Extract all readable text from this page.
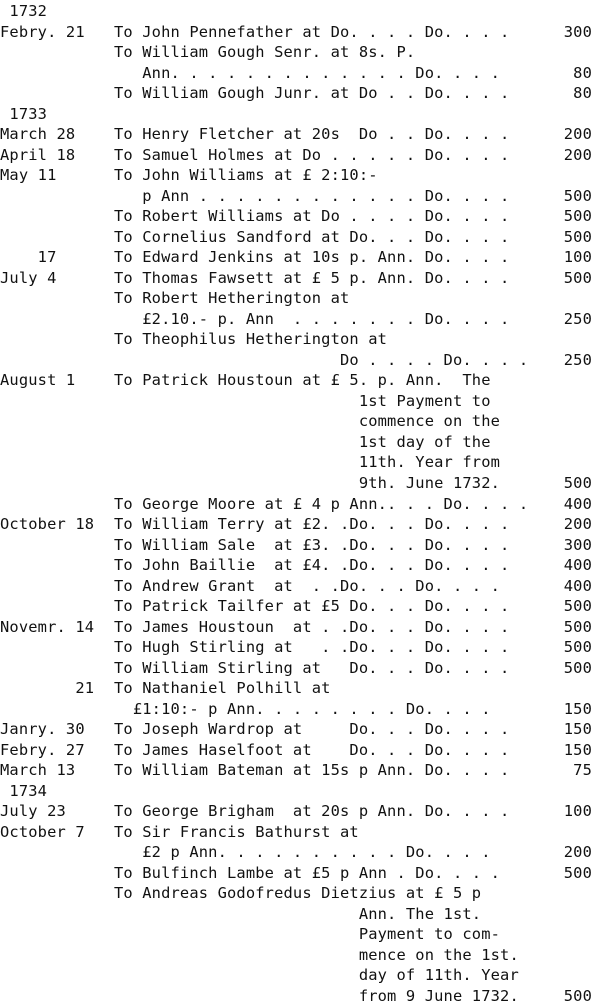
1732
Febry. 21 To John Pennefather at Do. . . . Do. . . .	300
To William Gough Senr. at 8s. P.
Ann. . . . . . . . . . . . . Do. . . .	80
To William Gough Junr. at Do . . Do. . . .	80
1733
March 28	To Henry Fletcher at 20s  Do . . Do. . . .	200
April 18	To Samuel Holmes at Do . . . . . Do. . . .	200
May 11	To John Williams at £ 2:10:-
p Ann . . . . . . . . . . . . Do. . . .	500
To Robert Williams at Do . . . . Do. . . .	500
To Cornelius Sandford at Do. . . Do. . . .	500
17	To Edward Jenkins at 10s p. Ann. Do. . . .	100
July 4	To Thomas Fawsett at £ 5 p. Ann. Do. . . .	500
To Robert Hetherington at
£2.10.- p. Ann  . . . . . . . Do. . . .	250
To Theophilus Hetherington at
Do . . . . Do. . . . 250
August 1	To Patrick Houstoun at £ 5. p. Ann.  The
1st Payment to
commence on the
1st day of the
11th. Year from
9th. June 1732.	500
To George Moore at £ 4 p Ann.. . . Do. . . . 400
October 18 To William Terry at £2. .Do. . . Do. . . .	200
To William Sale  at £3. .Do. . . Do. . . .	300
To John Baillie  at £4. .Do. . . Do. . . .	400
To Andrew Grant  at  . .Do. . . Do. . . .	400
To Patrick Tailfer at £5 Do. . . Do. . . .	500
Novemr. 14 To James Houstoun  at . .Do. . . Do. . . .	500
To Hugh Stirling at   . .Do. . . Do. . . .	500
To William Stirling at   Do. . . Do. . . .	500
21 To Nathaniel Polhill at
£1:10:- p Ann. . . . . . . . Do. . . .	150
Janry. 30 To Joseph Wardrop at     Do. . . Do. . . .	150
Febry. 27 To James Haselfoot at    Do. . . Do. . . .	150
March 13	To William Bateman at 15s p Ann. Do. . . .	75
1734
July 23	To George Brigham  at 20s p Ann. Do. . . .	100
October 7 To Sir Francis Bathurst at
£2 p Ann. . . . . . . . . . Do. . . .	200
To Bulfinch Lambe at £5 p Ann . Do. . . .	500
To Andreas Godofredus Dietzius at £ 5 p
Ann. The 1st.
Payment to com-
mence on the 1st.
day of 11th. Year
from 9 June 1732.	500
